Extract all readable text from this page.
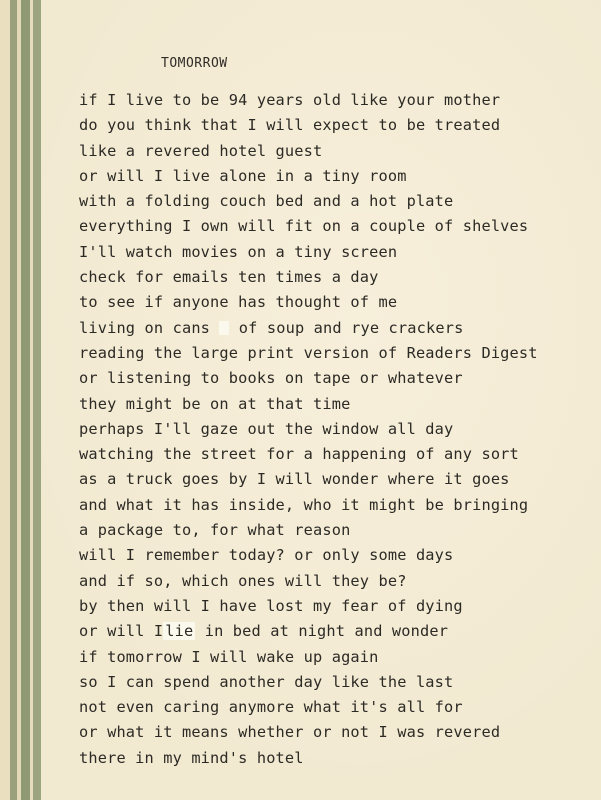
TOMORROW
if I live to be 94 years old like your mother
do you think that I will expect to be treated
like a revered hotel guest
or will I live alone in a tiny room
with a folding couch bed and a hot plate
everything I own will fit on a couple of shelves
I'll watch movies on a tiny screen
check for emails ten times a day
to see if anyone has thought of me
living on cans of soup and rye crackers
reading the large print version of Readers Digest
or listening to books on tape or whatever
they might be on at that time
perhaps I'll gaze out the window all day
watching the street for a happening of any sort
as a truck goes by I will wonder where it goes
and what it has inside, who it might be bringing
a package to, for what reason
will I remember today? or only some days
and if so, which ones will they be?
by then will I have lost my fear of dying
or will I lie in bed at night and wonder
if tomorrow I will wake up again
so I can spend another day like the last
not even caring anymore what it's all for
or what it means whether or not I was revered
there in my mind's hotel
